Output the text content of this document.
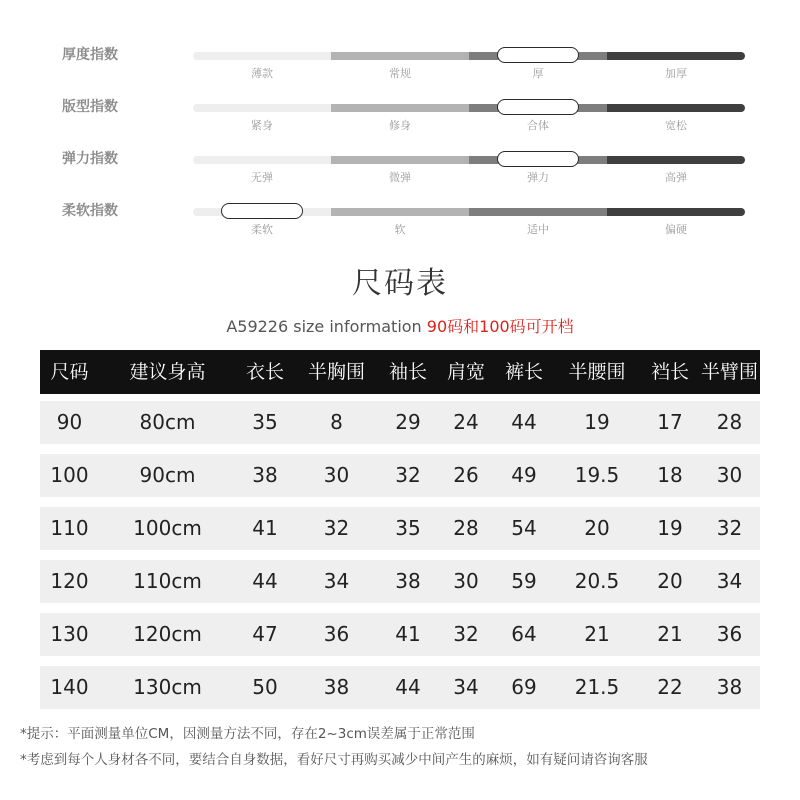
厚度指数
薄款	常规	厚	加厚
版型指数
紧身	修身	合体	宽松
弹力指数
无弹	微弹	弹力	高弹
柔软指数
柔软	软	适中	偏硬
尺码表
A59226 size information 90码和100码可开档
尺码	建议身高	衣长	半胸围	袖长	肩宽	裤长	半腰围	裆长 半臂围
90	80cm	35	8	29	24	44	19	17	28
100	90cm	38	30	32	26	49	19.5	18	30
110	100cm	41	32	35	28	54	20	19	32
120	110cm	44	34	38	30	59	20.5	20	34
130	120cm	47	36	41	32	64	21	21	36
140	130cm	50	38	44	34	69	21.5	22	38
*提示：平面测量单位CM，因测量方法不同，存在2~3cm误差属于正常范围
*考虑到每个人身材各不同，要结合自身数据，看好尺寸再购买减少中间产生的麻烦，如有疑问请咨询客服
